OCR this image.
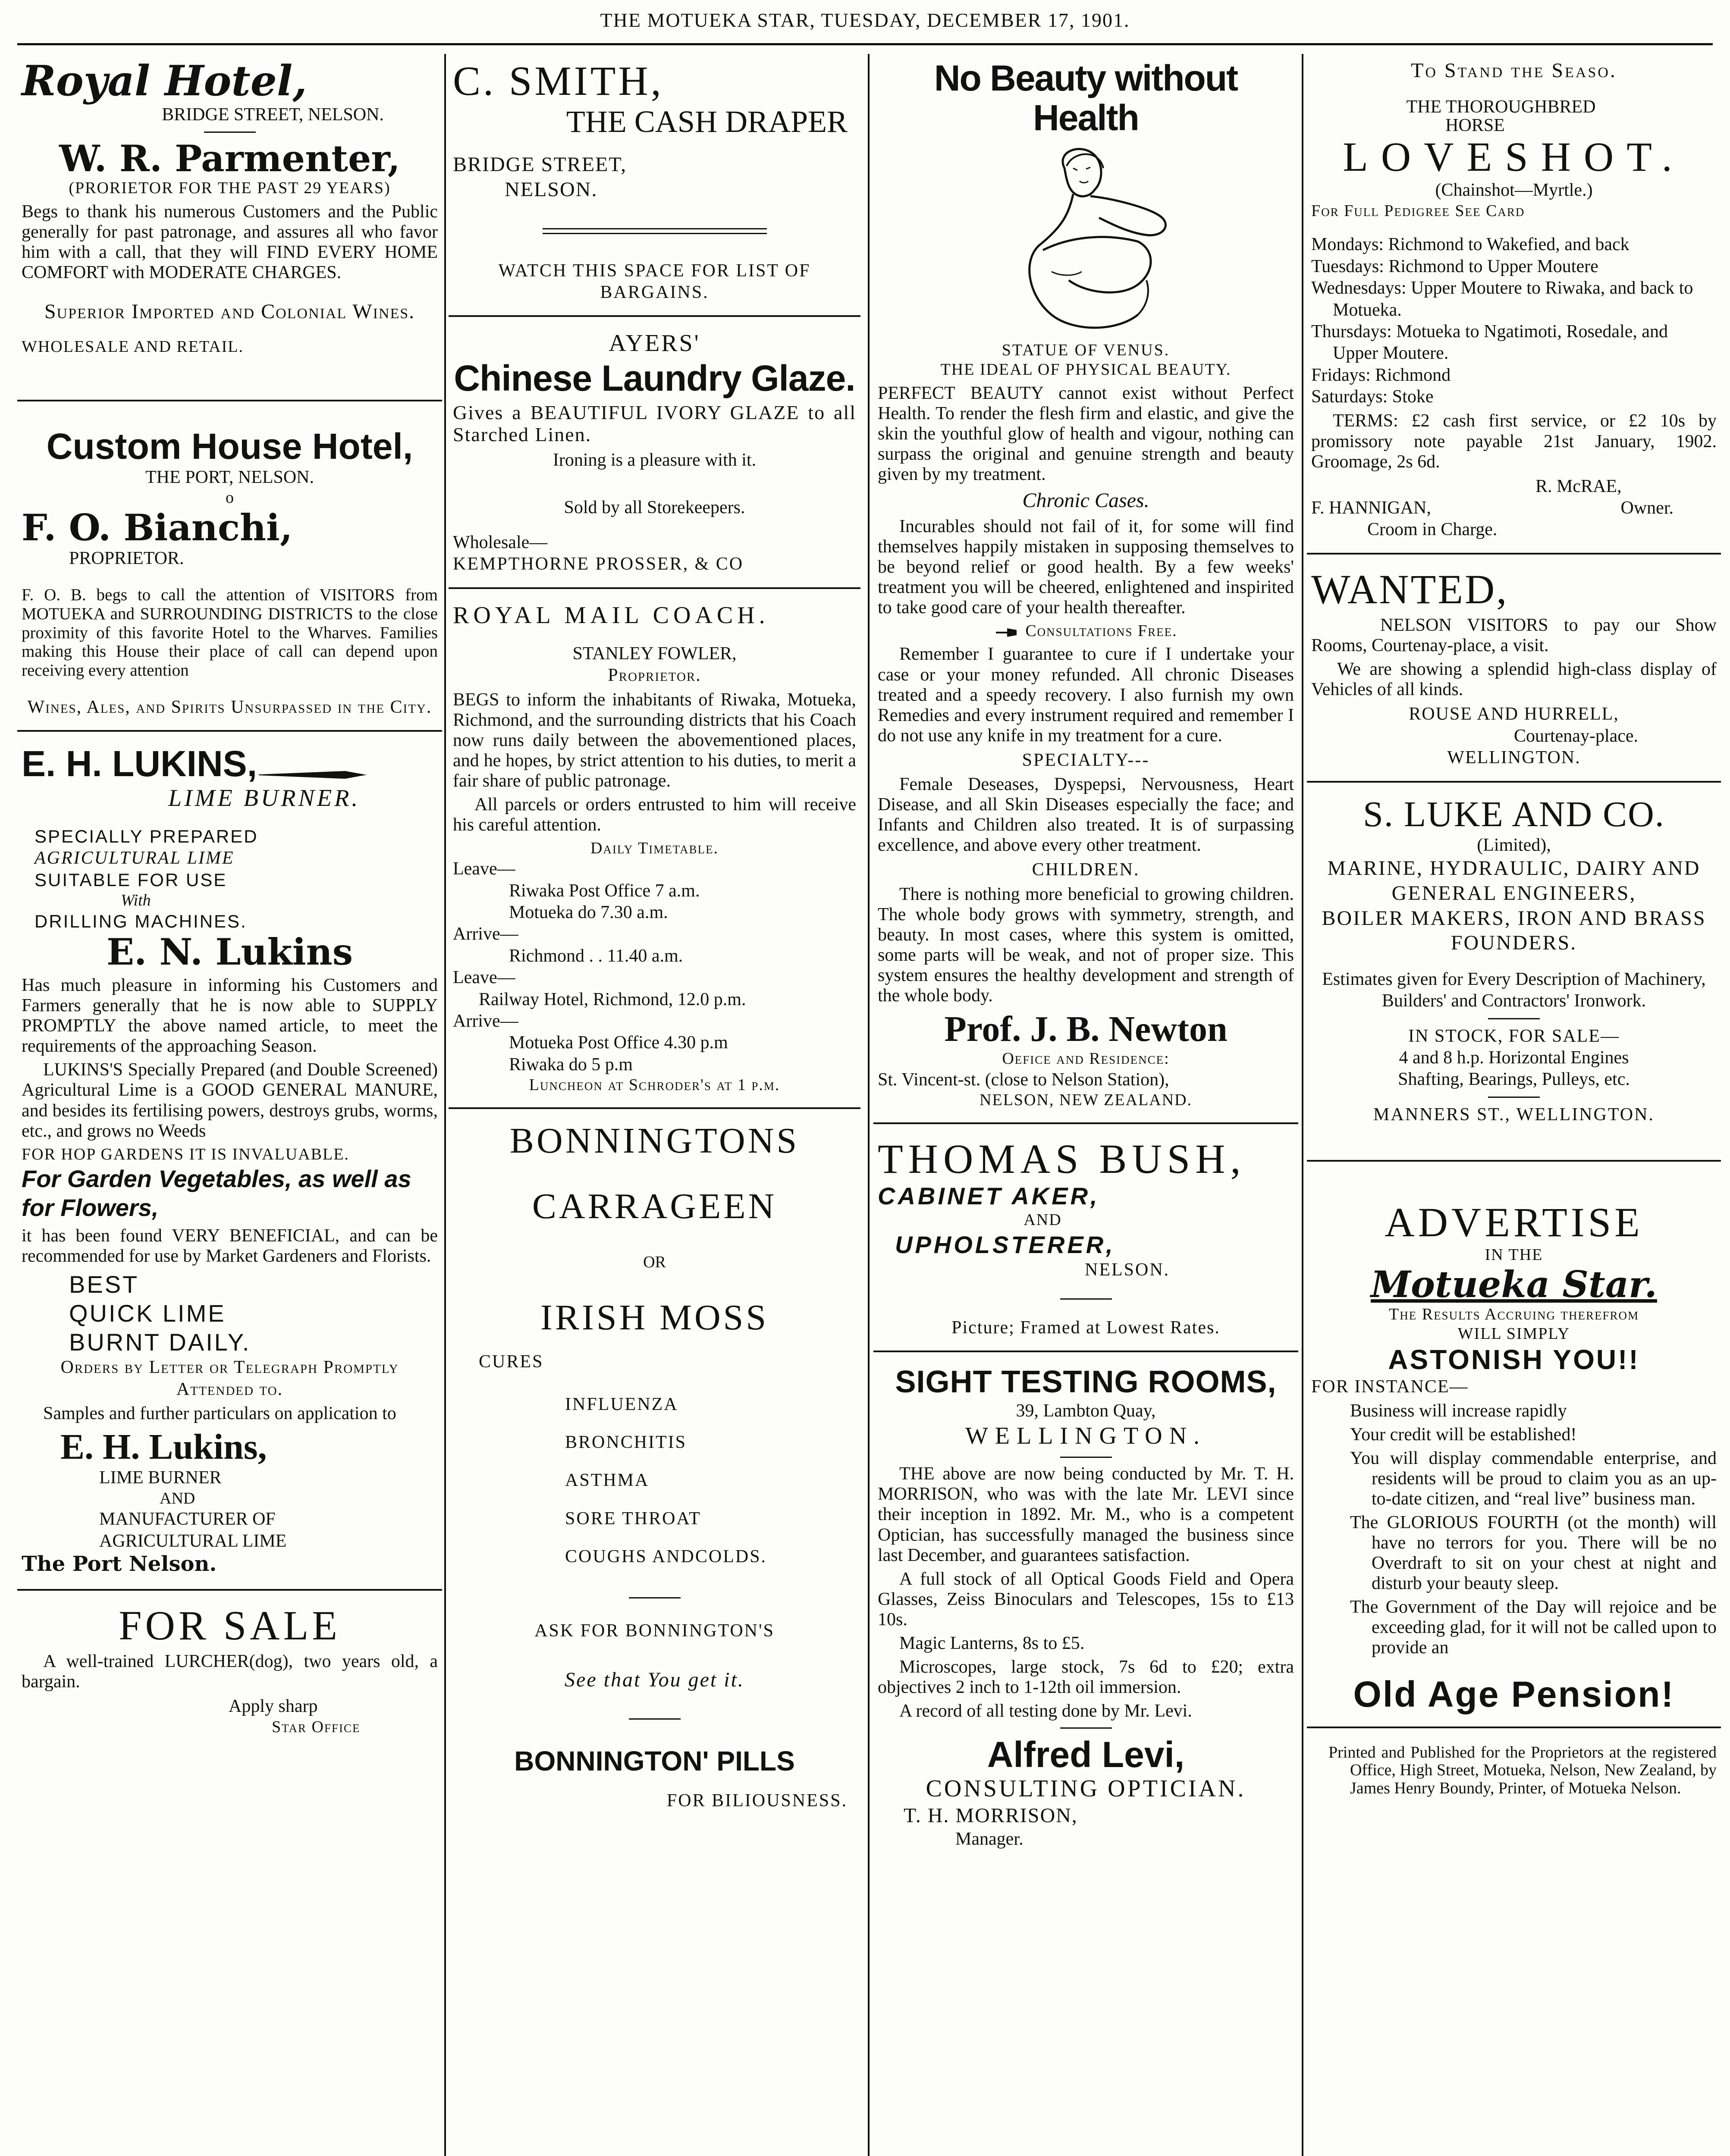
THE MOTUEKA STAR, TUESDAY, DECEMBER 17, 1901.
Royal Hotel,
BRIDGE STREET, NELSON.
W. R. Parmenter,
(PRORIETOR FOR THE PAST 29 YEARS)
Begs to thank his numerous Customers and the Public generally for past patronage, and assures all who favor him with a call, that they will FIND EVERY HOME COMFORT with MODERATE CHARGES.
Superior Imported and Colonial Wines.
WHOLESALE AND RETAIL.
Custom House Hotel,
THE PORT, NELSON.
o
F. O. Bianchi,
PROPRIETOR.
F. O. B. begs to call the attention of VISITORS from MOTUEKA and SURROUNDING DISTRICTS to the close proximity of this favorite Hotel to the Wharves. Families making this House their place of call can depend upon receiving every attention
Wines, Ales, and Spirits Unsurpassed in the City.
E. H. LUKINS,
LIME BURNER.
SPECIALLY PREPARED
AGRICULTURAL LIME
SUITABLE FOR USE
With
DRILLING MACHINES.
E. N. Lukins
Has much pleasure in informing his Customers and Farmers generally that he is now able to SUPPLY PROMPTLY the above named article, to meet the requirements of the approaching Season.
LUKINS'S Specially Prepared (and Double Screened) Agricultural Lime is a GOOD GENERAL MANURE, and besides its fertilising powers, destroys grubs, worms, etc., and grows no Weeds
FOR HOP GARDENS IT IS INVALUABLE.
For Garden Vegetables, as well as for Flowers,
it has been found VERY BENEFICIAL, and can be recommended for use by Market Gardeners and Florists.
BEST
QUICK LIME
BURNT DAILY.
Orders by Letter or Telegraph Promptly Attended to.
Samples and further particulars on application to
E. H. Lukins,
LIME BURNER
AND
MANUFACTURER OF
AGRICULTURAL LIME
The Port Nelson.
FOR SALE
A well-trained LURCHER(dog), two years old, a bargain.
Apply sharp
Star Office
C. SMITH,
THE CASH DRAPER
BRIDGE STREET,
NELSON.
WATCH THIS SPACE FOR LIST OF BARGAINS.
AYERS'
Chinese Laundry Glaze.
Gives a BEAUTIFUL IVORY GLAZE to all Starched Linen.
Ironing is a pleasure with it.
Sold by all Storekeepers.
Wholesale—
KEMPTHORNE PROSSER, & CO
ROYAL MAIL COACH.
STANLEY FOWLER,
Proprietor.
BEGS to inform the inhabitants of Riwaka, Motueka, Richmond, and the surrounding districts that his Coach now runs daily between the abovementioned places, and he hopes, by strict attention to his duties, to merit a fair share of public patronage.
All parcels or orders entrusted to him will receive his careful attention.
Daily Timetable.
Leave—
Riwaka Post Office 7 a.m.
Motueka do 7.30 a.m.
Arrive—
Richmond . . 11.40 a.m.
Leave—
Railway Hotel, Richmond, 12.0 p.m.
Arrive—
Motueka Post Office 4.30 p.m
Riwaka do 5 p.m
Luncheon at Schroder's at 1 p.m.
BONNINGTONS
CARRAGEEN
OR
IRISH MOSS
CURES
INFLUENZA
BRONCHITIS
ASTHMA
SORE THROAT
COUGHS ANDCOLDS.
ASK FOR BONNINGTON'S
See that You get it.
BONNINGTON' PILLS
FOR BILIOUSNESS.
No Beauty without Health
STATUE OF VENUS.
THE IDEAL OF PHYSICAL BEAUTY.
PERFECT BEAUTY cannot exist without Perfect Health. To render the flesh firm and elastic, and give the skin the youthful glow of health and vigour, nothing can surpass the original and genuine strength and beauty given by my treatment.
Chronic Cases.
Incurables should not fail of it, for some will find themselves happily mistaken in supposing themselves to be beyond relief or good health. By a few weeks' treatment you will be cheered, enlightened and inspirited to take good care of your health thereafter.
Consultations Free.
Remember I guarantee to cure if I undertake your case or your money refunded. All chronic Diseases treated and a speedy recovery. I also furnish my own Remedies and every instrument required and remember I do not use any knife in my treatment for a cure.
SPECIALTY---
Female Deseases, Dyspepsi, Nervousness, Heart Disease, and all Skin Diseases especially the face; and Infants and Children also treated. It is of surpassing excellence, and above every other treatment.
CHILDREN.
There is nothing more beneficial to growing children. The whole body grows with symmetry, strength, and beauty. In most cases, where this system is omitted, some parts will be weak, and not of proper size. This system ensures the healthy development and strength of the whole body.
Prof. J. B. Newton
Oefice and Residence:
St. Vincent-st. (close to Nelson Station),
NELSON, NEW ZEALAND.
THOMAS BUSH,
CABINET AKER,
AND
UPHOLSTERER,
NELSON.
Picture; Framed at Lowest Rates.
SIGHT TESTING ROOMS,
39, Lambton Quay,
WELLINGTON.
THE above are now being conducted by Mr. T. H. MORRISON, who was with the late Mr. LEVI since their inception in 1892. Mr. M., who is a competent Optician, has successfully managed the business since last December, and guarantees satisfaction.
A full stock of all Optical Goods Field and Opera Glasses, Zeiss Binoculars and Telescopes, 15s to £13 10s.
Magic Lanterns, 8s to £5.
Microscopes, large stock, 7s 6d to £20; extra objectives 2 inch to 1-12th oil immersion.
A record of all testing done by Mr. Levi.
Alfred Levi,
CONSULTING OPTICIAN.
T. H. MORRISON,
Manager.
To Stand the Seaso.
THE THOROUGHBRED
HORSE
LOVESHOT.
(Chainshot—Myrtle.)
For Full Pedigree See Card
Mondays: Richmond to Wakefied, and back
Tuesdays: Richmond to Upper Moutere
Wednesdays: Upper Moutere to Riwaka, and back to Motueka.
Thursdays: Motueka to Ngatimoti, Rosedale, and Upper Moutere.
Fridays: Richmond
Saturdays: Stoke
TERMS: £2 cash first service, or £2 10s by promissory note payable 21st January, 1902. Groomage, 2s 6d.
R. McRAE,
F. HANNIGAN,	Owner.
Croom in Charge.
WANTED,
NELSON VISITORS to pay our Show Rooms, Courtenay-place, a visit.
We are showing a splendid high-class display of Vehicles of all kinds.
ROUSE AND HURRELL,
Courtenay-place.
WELLINGTON.
S. LUKE AND CO.
(Limited),
MARINE, HYDRAULIC, DAIRY AND GENERAL ENGINEERS,
BOILER MAKERS, IRON AND BRASS FOUNDERS.
Estimates given for Every Description of Machinery,
Builders' and Contractors' Ironwork.
IN STOCK, FOR SALE—
4 and 8 h.p. Horizontal Engines
Shafting, Bearings, Pulleys, etc.
MANNERS ST., WELLINGTON.
ADVERTISE
IN THE
Motueka Star.
The Results Accruing therefrom
WILL SIMPLY
ASTONISH YOU!!
FOR INSTANCE—
Business will increase rapidly
Your credit will be established!
You will display commendable enterprise, and residents will be proud to claim you as an up-to-date citizen, and “real live” business man.
The GLORIOUS FOURTH (ot the month) will have no terrors for you. There will be no Overdraft to sit on your chest at night and disturb your beauty sleep.
The Government of the Day will rejoice and be exceeding glad, for it will not be called upon to provide an
Old Age Pension!
Printed and Published for the Proprietors at the registered Office, High Street, Motueka, Nelson, New Zealand, by James Henry Boundy, Printer, of Motueka Nelson.
